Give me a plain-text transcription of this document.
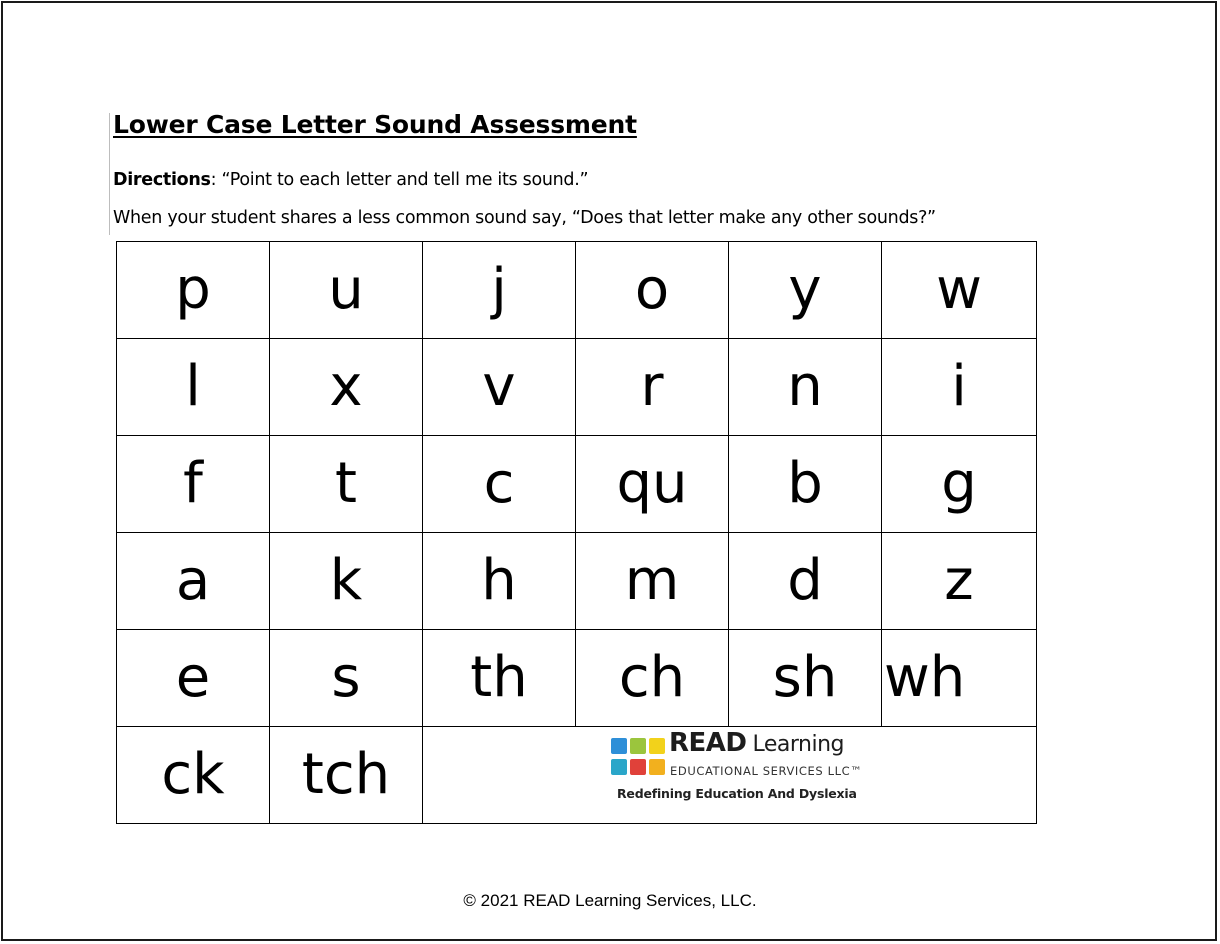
Lower Case Letter Sound Assessment
Directions: “Point to each letter and tell me its sound.”
When your student shares a less common sound say, “Does that letter make any other sounds?”
p	u	j	o	y	w
l	x	v	r	n	i
f	t	c	qu	b	g
a	k	h	m	d	z
e	s	th	ch	sh	wh
ck	tch	READ Learning
EDUCATIONAL SERVICES LLC™
Redefining Education And Dyslexia			
© 2021 READ Learning Services, LLC.
